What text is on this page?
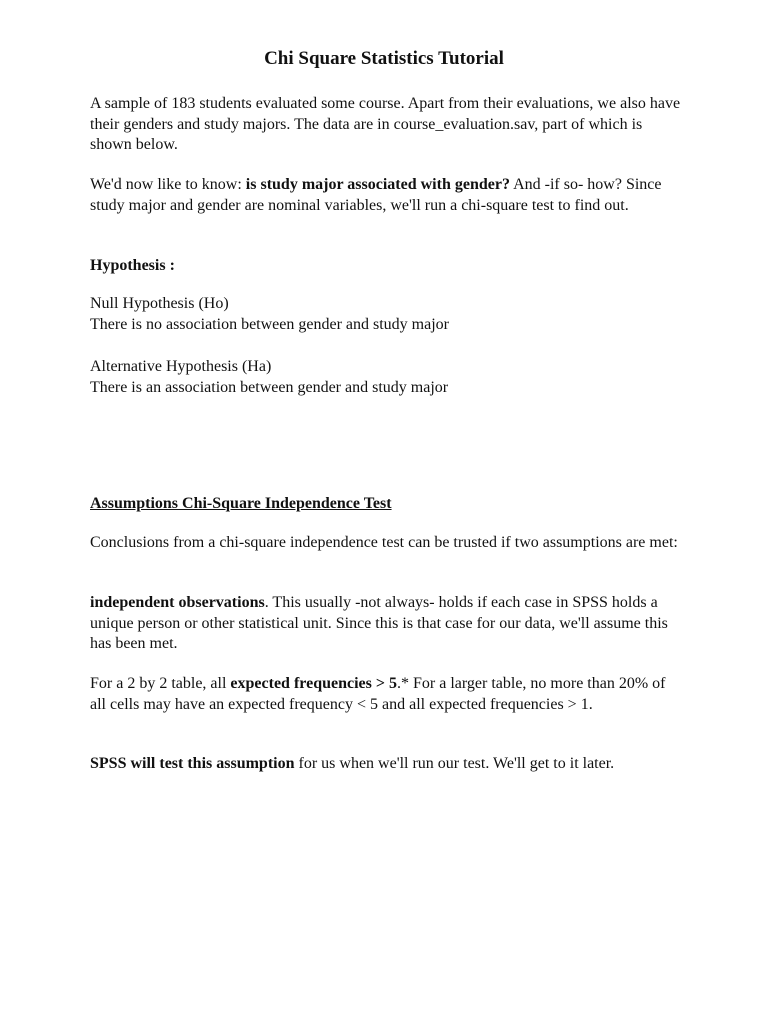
Chi Square Statistics Tutorial

A sample of 183 students evaluated some course. Apart from their evaluations, we also have their genders and study majors. The data are in course_evaluation.sav, part of which is shown below.

We'd now like to know: is study major associated with gender? And -if so- how? Since study major and gender are nominal variables, we'll run a chi-square test to find out.

Hypothesis :

Null Hypothesis (Ho)

There is no association between gender and study major

Alternative Hypothesis (Ha)

There is an association between gender and study major

Assumptions Chi-Square Independence Test

Conclusions from a chi-square independence test can be trusted if two assumptions are met:

independent observations. This usually -not always- holds if each case in SPSS holds a unique person or other statistical unit. Since this is that case for our data, we'll assume this has been met.

For a 2 by 2 table, all expected frequencies > 5.* For a larger table, no more than 20% of all cells may have an expected frequency < 5 and all expected frequencies > 1.

SPSS will test this assumption for us when we'll run our test. We'll get to it later.
